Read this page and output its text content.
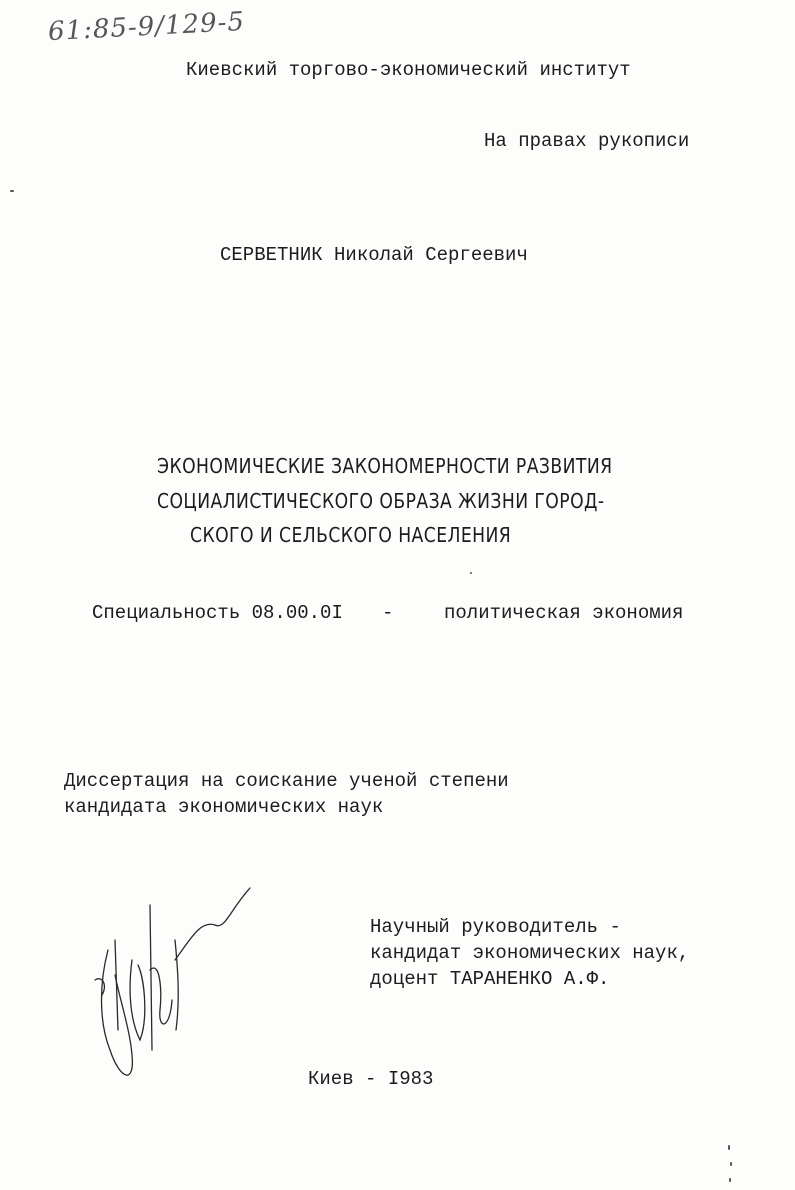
61:85-9/129-5
Киевский торгово-экономический институт
На правах рукописи
СЕРВЕТНИК Николай Сергеевич
ЭКОНОМИЧЕСКИЕ ЗАКОНОМЕРНОСТИ РАЗВИТИЯ
СОЦИАЛИСТИЧЕСКОГО ОБРАЗА ЖИЗНИ ГОРОД-
СКОГО И СЕЛЬСКОГО НАСЕЛЕНИЯ
Специальность 08.00.0I -	политическая экономия
Диссертация на соискание ученой степени
кандидата экономических наук
Научный руководитель -
кандидат экономических наук,
доцент ТАРАНЕНКО А.Ф.
Киев - I983
